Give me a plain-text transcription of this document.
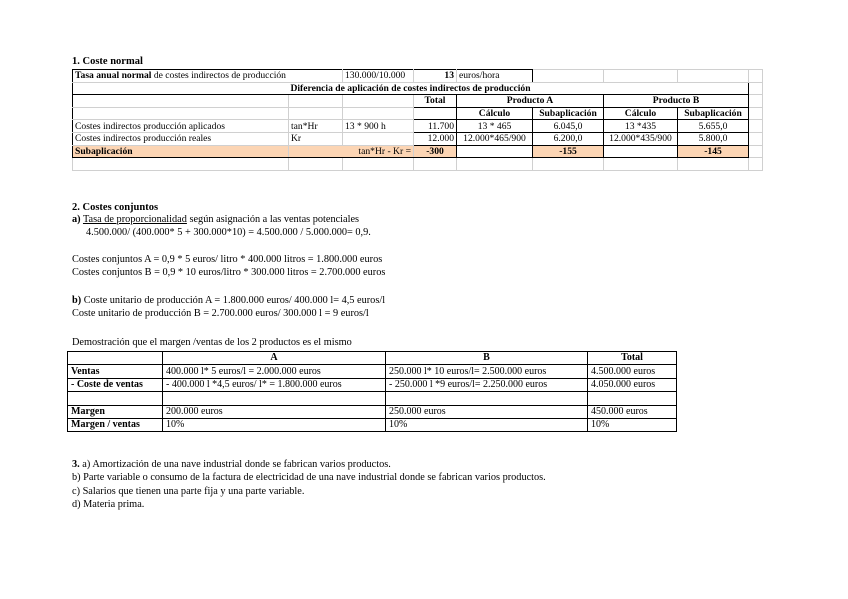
1. Coste normal
Tasa anual normal de costes indirectos de producción		130.000/10.000	13	euros/hora				
Diferencia de aplicación de costes indirectos de producción								
			Total	Producto A		Producto B		
				Cálculo	Subaplicación	Cálculo	Subaplicación	
Costes indirectos producción aplicados	tan*Hr	13 * 900 h	11.700	13 * 465	6.045,0	13 *435	5.655,0	
Costes indirectos producción reales	Kr		12.000	12.000*465/900	6.200,0	12.000*435/900	5.800,0	
Subaplicación	tan*Hr - Kr =		-300		-155		-145	

2. Costes conjuntos
a) Tasa de proporcionalidad según asignación a las ventas potenciales
4.500.000/ (400.000* 5 + 300.000*10) = 4.500.000 / 5.000.000= 0,9.
Costes conjuntos A = 0,9 * 5 euros/ litro * 400.000 litros = 1.800.000 euros
Costes conjuntos B = 0,9 * 10 euros/litro * 300.000 litros = 2.700.000 euros
b) Coste unitario de producción A = 1.800.000 euros/ 400.000 l= 4,5 euros/l
Coste unitario de producción B = 2.700.000 euros/ 300.000 l = 9 euros/l
Demostración que el margen /ventas de los 2 productos es el mismo
	A	B	Total
Ventas	400.000 l* 5 euros/l = 2.000.000 euros	250.000 l* 10 euros/l= 2.500.000 euros	4.500.000 euros
- Coste de ventas	- 400.000 l *4,5 euros/ l* = 1.800.000 euros	- 250.000 l *9 euros/l= 2.250.000 euros	4.050.000 euros

Margen	200.000 euros	250.000 euros	450.000 euros
Margen / ventas	10%	10%	10%
3. a) Amortización de una nave industrial donde se fabrican varios productos.
b) Parte variable o consumo de la factura de electricidad de una nave industrial donde se fabrican varios productos.
c) Salarios que tienen una parte fija y una parte variable.
d) Materia prima.
